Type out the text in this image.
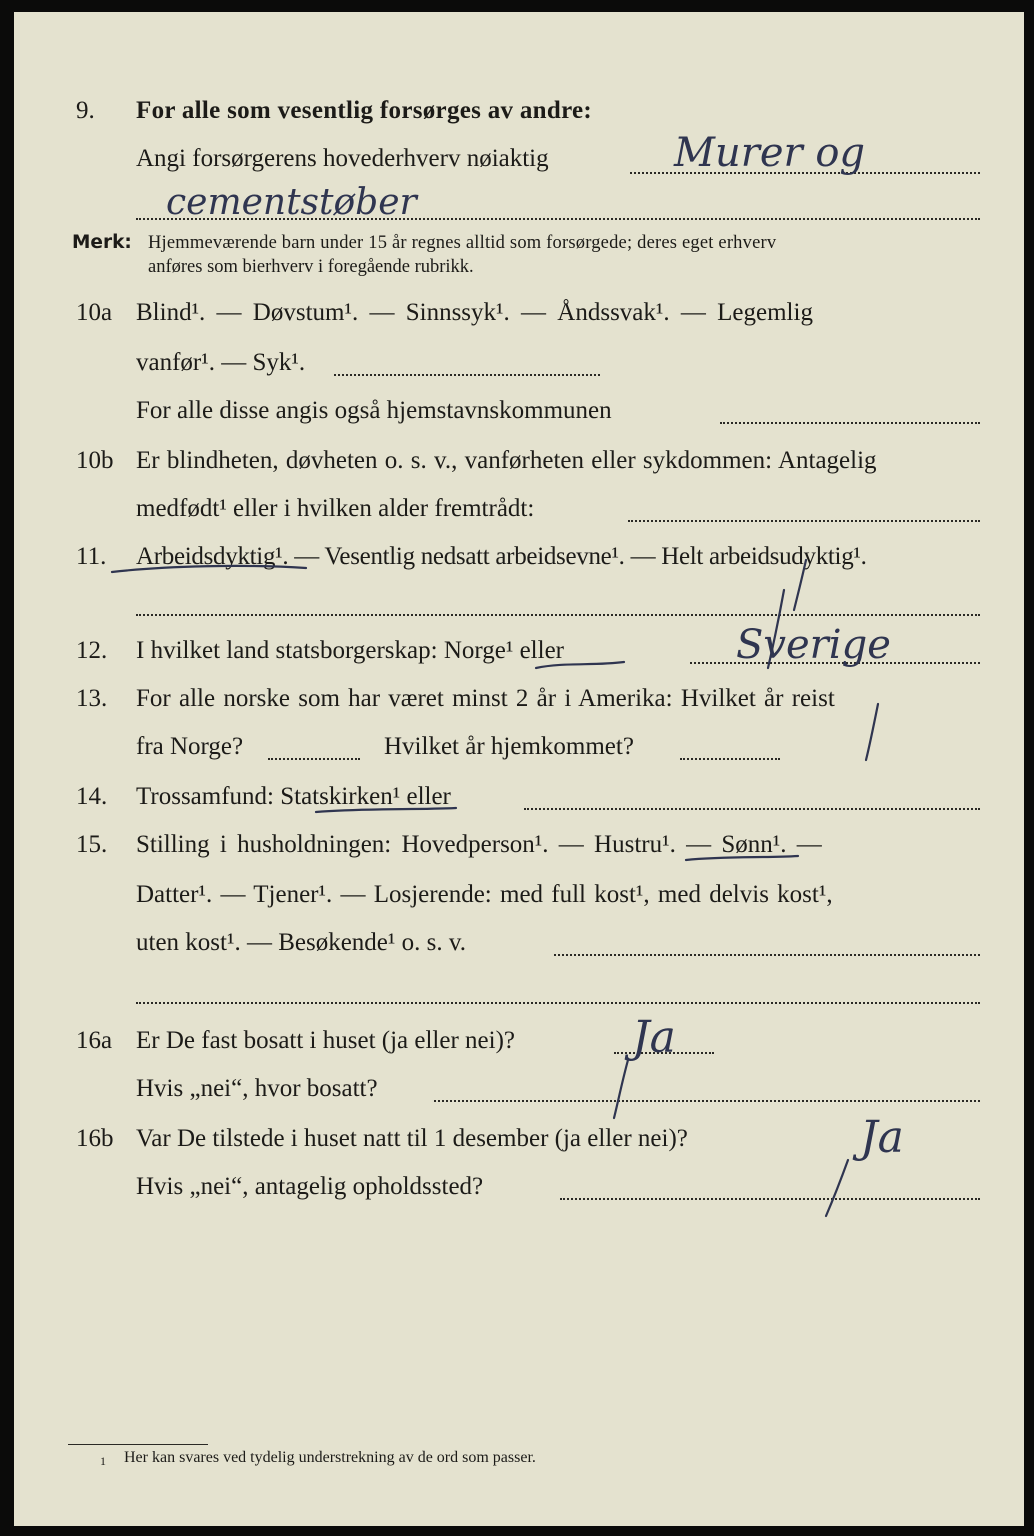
9. For alle som vesentlig forsørges av andre:
Angi forsørgerens hovederhverv nøiaktig	Murer og
cementstøber
Merk: Hjemmeværende barn under 15 år regnes alltid som forsørgede; deres eget erhverv
anføres som bierhverv i foregående rubrikk.
10a Blind¹. — Døvstum¹. — Sinnssyk¹. — Åndssvak¹. — Legemlig
vanfør¹. — Syk¹.
For alle disse angis også hjemstavnskommunen
10b Er blindheten, døvheten o. s. v., vanførheten eller sykdommen: Antagelig
medfødt¹ eller i hvilken alder fremtrådt:
11. Arbeidsdyktig¹. — Vesentlig nedsatt arbeidsevne¹. — Helt arbeidsudyktig¹.
12. I hvilket land statsborgerskap: Norge¹ eller	Sverige
13. For alle norske som har været minst 2 år i Amerika: Hvilket år reist
fra Norge?	Hvilket år hjemkommet?
14. Trossamfund: Statskirken¹ eller
15. Stilling i husholdningen: Hovedperson¹. — Hustru¹. — Sønn¹. —
Datter¹. — Tjener¹. — Losjerende: med full kost¹, med delvis kost¹,
uten kost¹. — Besøkende¹ o. s. v.
16a Er De fast bosatt i huset (ja eller nei)?	Ja
Hvis „nei“, hvor bosatt?
16b Var De tilstede i huset natt til 1 desember (ja eller nei)?	Ja
Hvis „nei“, antagelig opholdssted?
1 Her kan svares ved tydelig understrekning av de ord som passer.
